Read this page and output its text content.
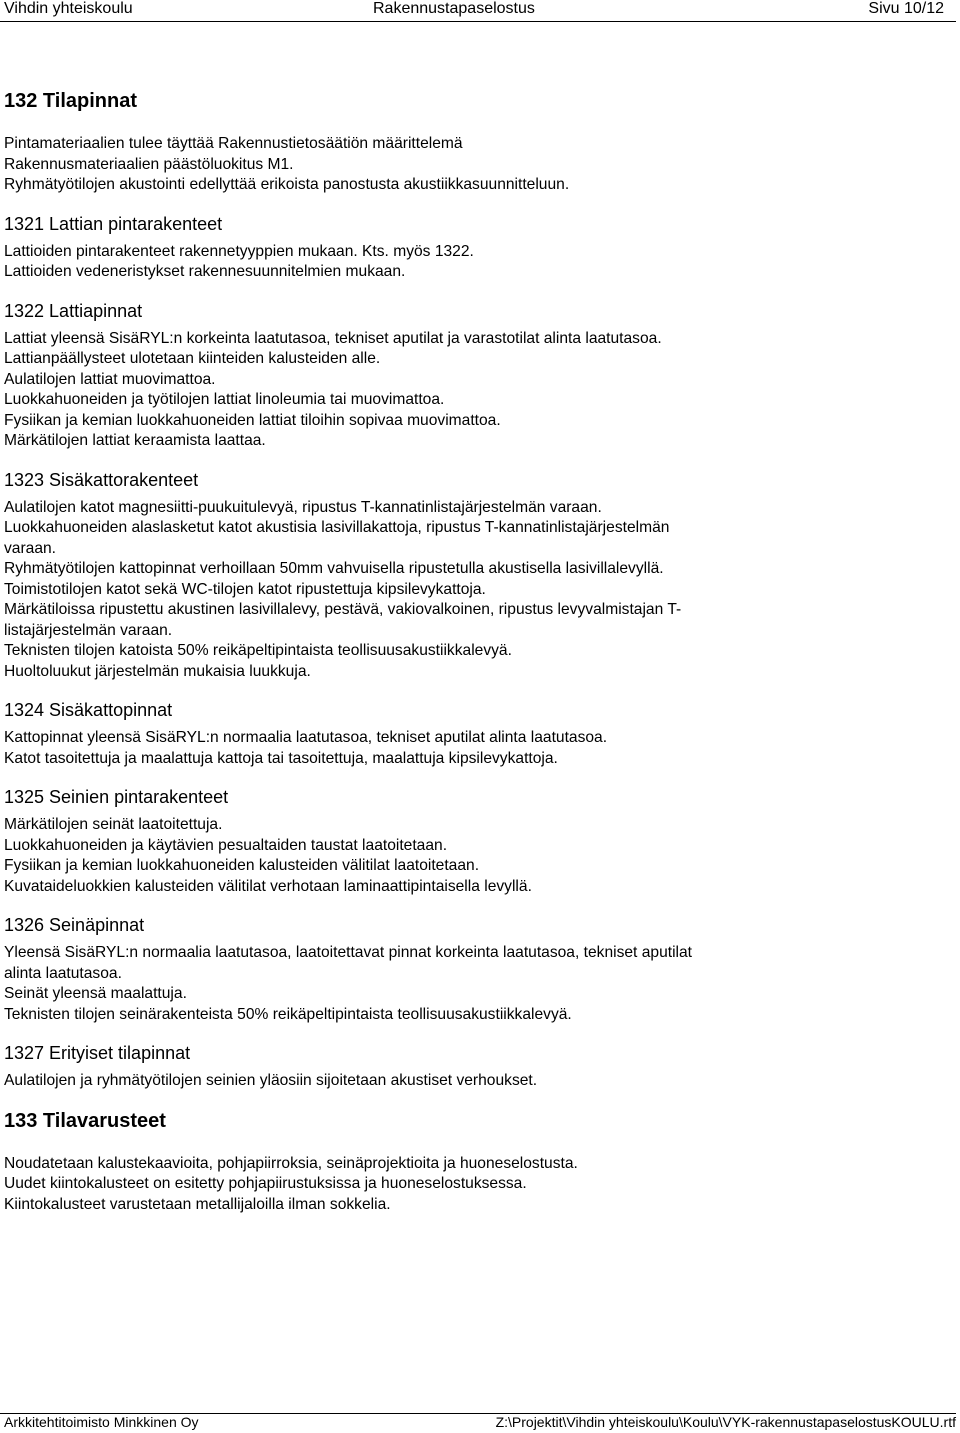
Vihdin yhteiskoulu	Rakennustapaselostus	Sivu 10/12
132 Tilapinnat
Pintamateriaalien tulee täyttää Rakennustietosäätiön määrittelemä
Rakennusmateriaalien päästöluokitus M1.
Ryhmätyötilojen akustointi edellyttää erikoista panostusta akustiikkasuunnitteluun.
1321 Lattian pintarakenteet
Lattioiden pintarakenteet rakennetyyppien mukaan. Kts. myös 1322.
Lattioiden vedeneristykset rakennesuunnitelmien mukaan.
1322 Lattiapinnat
Lattiat yleensä SisäRYL:n korkeinta laatutasoa, tekniset aputilat ja varastotilat alinta laatutasoa.
Lattianpäällysteet ulotetaan kiinteiden kalusteiden alle.
Aulatilojen lattiat muovimattoa.
Luokkahuoneiden ja työtilojen lattiat linoleumia tai muovimattoa.
Fysiikan ja kemian luokkahuoneiden lattiat tiloihin sopivaa muovimattoa.
Märkätilojen lattiat keraamista laattaa.
1323 Sisäkattorakenteet
Aulatilojen katot magnesiitti-puukuitulevyä, ripustus T-kannatinlistajärjestelmän varaan.
Luokkahuoneiden alaslasketut katot akustisia lasivillakattoja, ripustus T-kannatinlistajärjestelmän
varaan.
Ryhmätyötilojen kattopinnat verhoillaan 50mm vahvuisella ripustetulla akustisella lasivillalevyllä.
Toimistotilojen katot sekä WC-tilojen katot ripustettuja kipsilevykattoja.
Märkätiloissa ripustettu akustinen lasivillalevy, pestävä, vakiovalkoinen, ripustus levyvalmistajan T-
listajärjestelmän varaan.
Teknisten tilojen katoista 50% reikäpeltipintaista teollisuusakustiikkalevyä.
Huoltoluukut järjestelmän mukaisia luukkuja.
1324 Sisäkattopinnat
Kattopinnat yleensä SisäRYL:n normaalia laatutasoa, tekniset aputilat alinta laatutasoa.
Katot tasoitettuja ja maalattuja kattoja tai tasoitettuja, maalattuja kipsilevykattoja.
1325 Seinien pintarakenteet
Märkätilojen seinät laatoitettuja.
Luokkahuoneiden ja käytävien pesualtaiden taustat laatoitetaan.
Fysiikan ja kemian luokkahuoneiden kalusteiden välitilat laatoitetaan.
Kuvataideluokkien kalusteiden välitilat verhotaan laminaattipintaisella levyllä.
1326 Seinäpinnat
Yleensä SisäRYL:n normaalia laatutasoa, laatoitettavat pinnat korkeinta laatutasoa, tekniset aputilat
alinta laatutasoa.
Seinät yleensä maalattuja.
Teknisten tilojen seinärakenteista 50% reikäpeltipintaista teollisuusakustiikkalevyä.
1327 Erityiset tilapinnat
Aulatilojen ja ryhmätyötilojen seinien yläosiin sijoitetaan akustiset verhoukset.
133 Tilavarusteet
Noudatetaan kalustekaavioita, pohjapiirroksia, seinäprojektioita ja huoneselostusta.
Uudet kiintokalusteet on esitetty pohjapiirustuksissa ja huoneselostuksessa.
Kiintokalusteet varustetaan metallijaloilla ilman sokkelia.
Arkkitehtitoimisto Minkkinen Oy	Z:\Projektit\Vihdin yhteiskoulu\Koulu\VYK-rakennustapaselostusKOULU.rtf
